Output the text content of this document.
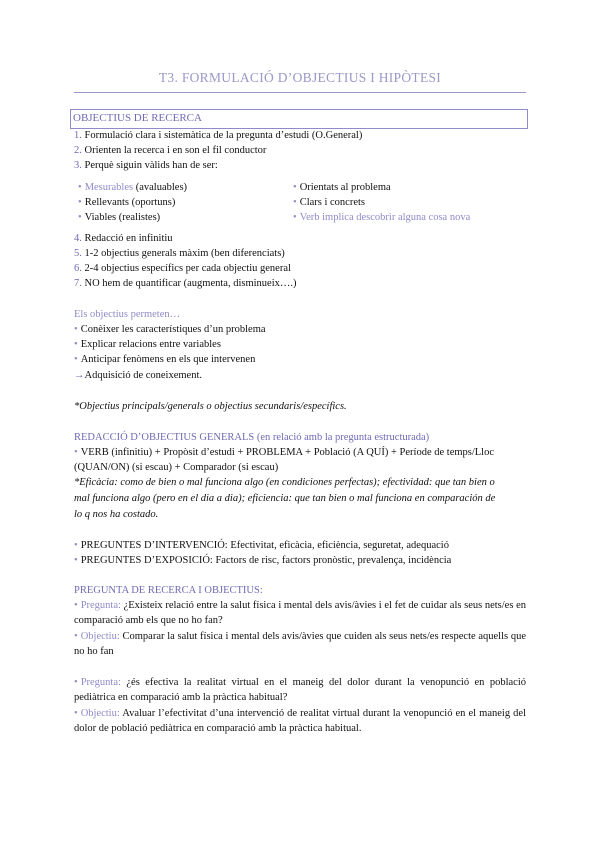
T3. FORMULACIÓ D’OBJECTIUS I HIPÒTESI
OBJECTIUS DE RECERCA
1. Formulació clara i sistemàtica de la pregunta d’estudi (O.General)
2. Orienten la recerca i en son el fil conductor
3. Perquè siguin vàlids han de ser:
• Mesurables (avaluables)
• Rellevants (oportuns)
• Viables (realistes)
• Orientats al problema
• Clars i concrets
• Verb implica descobrir alguna cosa nova
4. Redacció en infinitiu
5. 1-2 objectius generals màxim (ben diferenciats)
6. 2-4 objectius específics per cada objectiu general
7. NO hem de quantificar (augmenta, disminueix….)
Els objectius permeten…
• Conèixer les característiques d’un problema
• Explicar relacions entre variables
• Anticipar fenòmens en els que intervenen
→Adquisició de coneixement.
*Objectius principals/generals o objectius secundaris/específics.
REDACCIÓ D’OBJECTIUS GENERALS (en relació amb la pregunta estructurada)
• VERB (infinitiu) + Propòsit d’estudi + PROBLEMA + Població (A QUÍ) + Període de temps/Lloc
(QUAN/ON) (si escau) + Comparador (si escau)
*Eficàcia: como de bien o mal funciona algo (en condiciones perfectas); efectividad: que tan bien o
mal funciona algo (pero en el dia a dia); eficiencia: que tan bien o mal funciona en comparación de
lo q nos ha costado.
• PREGUNTES D’INTERVENCIÓ: Efectivitat, eficàcia, eficiència, seguretat, adequació
• PREGUNTES D’EXPOSICIÓ: Factors de risc, factors pronòstic, prevalença, incidència
PREGUNTA DE RECERCA I OBJECTIUS:
• Pregunta: ¿Existeix relació entre la salut física i mental dels avis/àvies i el fet de cuidar als seus nets/es en comparació amb els que no ho fan?
• Objectiu: Comparar la salut física i mental dels avis/àvies que cuiden als seus nets/es respecte aquells que no ho fan
• Pregunta: ¿és efectiva la realitat virtual en el maneig del dolor durant la venopunció en població pediàtrica en comparació amb la pràctica habitual?
• Objectiu: Avaluar l’efectivitat d’una intervenció de realitat virtual durant la venopunció en el maneig del dolor de població pediàtrica en comparació amb la pràctica habitual.
